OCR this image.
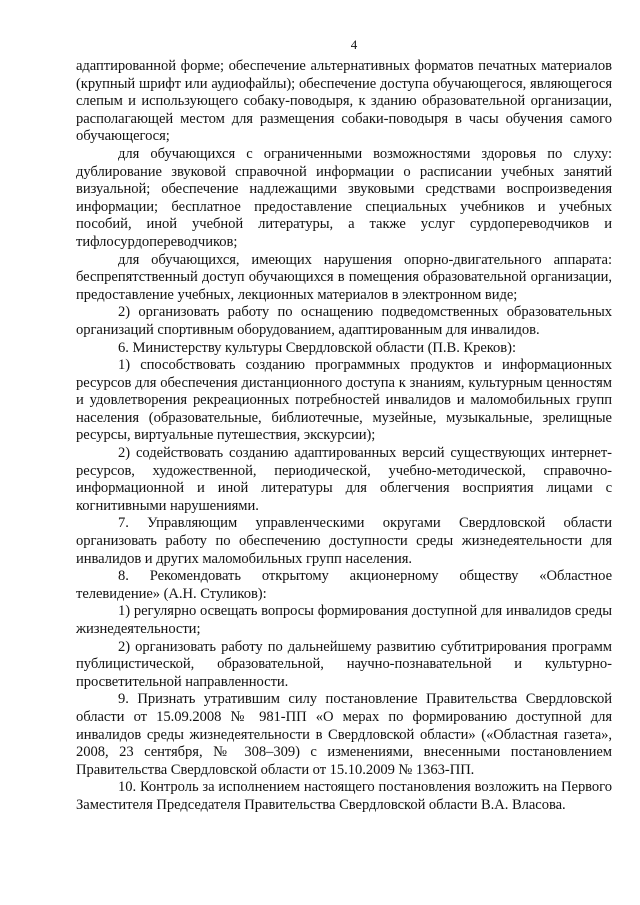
4

адаптированной форме; обеспечение альтернативных форматов печатных материалов (крупный шрифт или аудиофайлы); обеспечение доступа обучающегося, являющегося слепым и использующего собаку-поводыря, к зданию образовательной организации, располагающей местом для размещения собаки-поводыря в часы обучения самого обучающегося;

для обучающихся с ограниченными возможностями здоровья по слуху: дублирование звуковой справочной информации о расписании учебных занятий визуальной; обеспечение надлежащими звуковыми средствами воспроизведения информации; бесплатное предоставление специальных учебников и учебных пособий, иной учебной литературы, а также услуг сурдопереводчиков и тифлосурдопереводчиков;

для обучающихся, имеющих нарушения опорно-двигательного аппарата: беспрепятственный доступ обучающихся в помещения образовательной организации, предоставление учебных, лекционных материалов в электронном виде;

2) организовать работу по оснащению подведомственных образовательных организаций спортивным оборудованием, адаптированным для инвалидов.

6. Министерству культуры Свердловской области (П.В. Креков):

1) способствовать созданию программных продуктов и информационных ресурсов для обеспечения дистанционного доступа к знаниям, культурным ценностям и удовлетворения рекреационных потребностей инвалидов и маломобильных групп населения (образовательные, библиотечные, музейные, музыкальные, зрелищные ресурсы, виртуальные путешествия, экскурсии);

2) содействовать созданию адаптированных версий существующих интернет-ресурсов, художественной, периодической, учебно-методической, справочно-информационной и иной литературы для облегчения восприятия лицами с когнитивными нарушениями.

7. Управляющим управленческими округами Свердловской области организовать работу по обеспечению доступности среды жизнедеятельности для инвалидов и других маломобильных групп населения.

8. Рекомендовать открытому акционерному обществу «Областное телевидение» (А.Н. Стуликов):

1) регулярно освещать вопросы формирования доступной для инвалидов среды жизнедеятельности;

2) организовать работу по дальнейшему развитию субтитрирования программ публицистической, образовательной, научно-познавательной и культурно-просветительной направленности.

9. Признать утратившим силу постановление Правительства Свердловской области от 15.09.2008 № 981-ПП «О мерах по формированию доступной для инвалидов среды жизнедеятельности в Свердловской области» («Областная газета», 2008, 23 сентября, № 308–309) с изменениями, внесенными постановлением Правительства Свердловской области от 15.10.2009 № 1363-ПП.

10. Контроль за исполнением настоящего постановления возложить на Первого Заместителя Председателя Правительства Свердловской области В.А. Власова.
